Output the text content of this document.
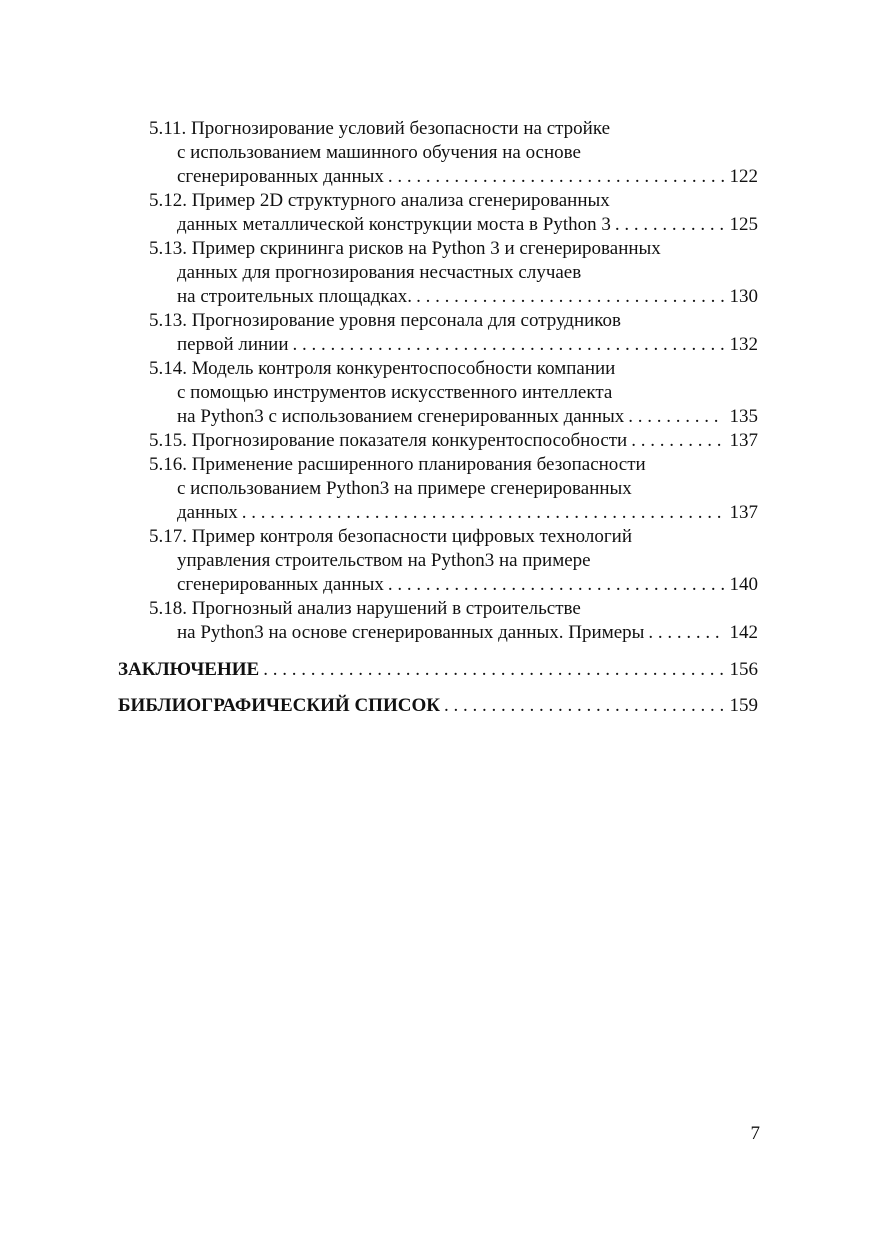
5.11. Прогнозирование условий безопасности на стройке
с использованием машинного обучения на основе
сгенерированных данных . . .	122
5.12. Пример 2D структурного анализа сгенерированных
данных металлической конструкции моста в Python 3 . . .	125
5.13. Пример скрининга рисков на Python 3 и сгенерированных
данных для прогнозирования несчастных случаев
на строительных площадках. . . .	130
5.13. Прогнозирование уровня персонала для сотрудников
первой линии . . .	132
5.14. Модель контроля конкурентоспособности компании
с помощью инструментов искусственного интеллекта
на Python3 с использованием сгенерированных данных . . .	135
5.15. Прогнозирование показателя конкурентоспособности . . .	137
5.16. Применение расширенного планирования безопасности
с использованием Python3 на примере сгенерированных
данных . . .	137
5.17. Пример контроля безопасности цифровых технологий
управления строительством на Python3 на примере
сгенерированных данных . . .	140
5.18. Прогнозный анализ нарушений в строительстве
на Python3 на основе сгенерированных данных. Примеры . . .	142
ЗАКЛЮЧЕНИЕ . . .	156
БИБЛИОГРАФИЧЕСКИЙ СПИСОК . . .	159
7
